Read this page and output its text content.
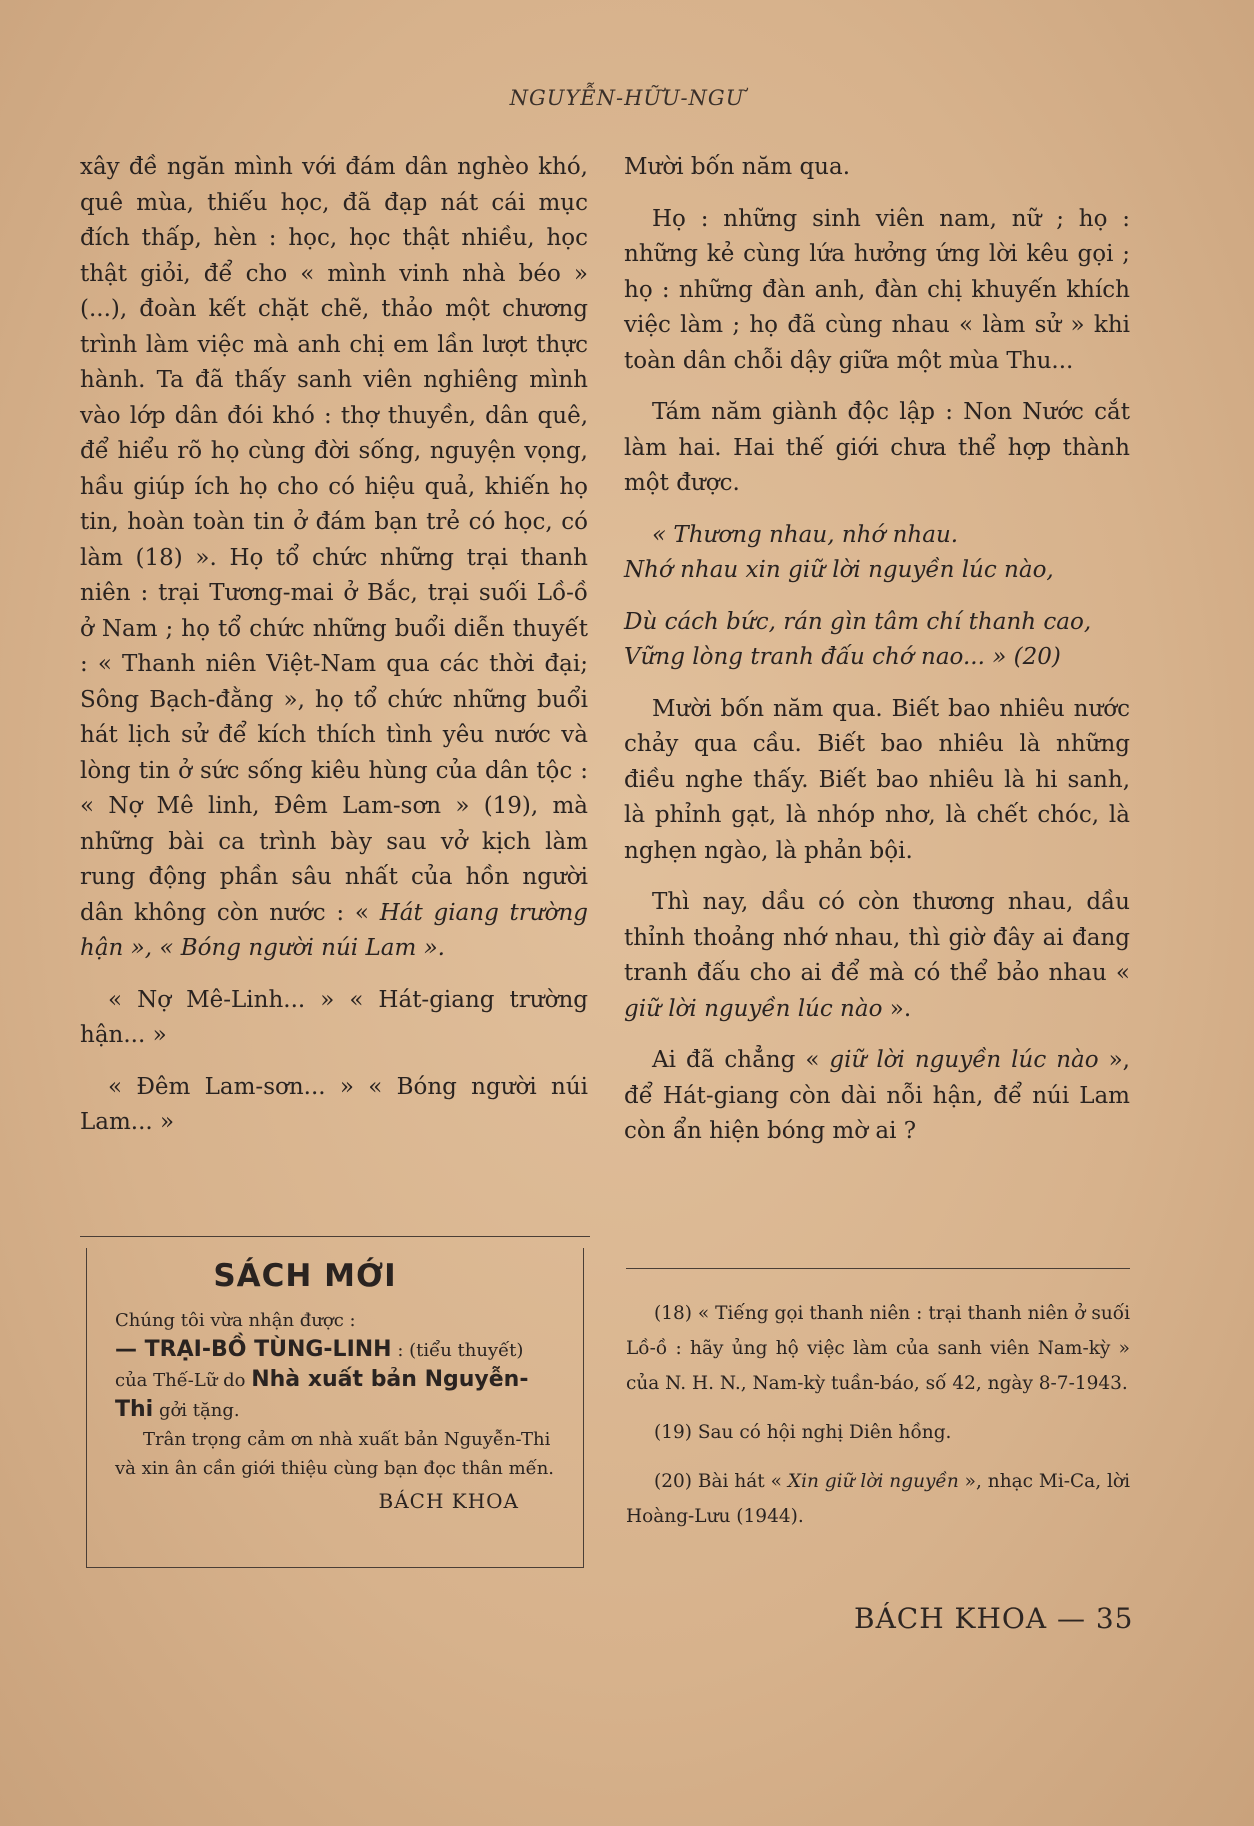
NGUYỄN-HỮU-NGƯ

xây đề ngăn mình với đám dân nghèo khó, quê mùa, thiếu học, đã đạp nát cái mục đích thấp, hèn : học, học thật nhiều, học thật giỏi, để cho « mình vinh nhà béo » (...), đoàn kết chặt chẽ, thảo một chương trình làm việc mà anh chị em lần lượt thực hành. Ta đã thấy sanh viên nghiêng mình vào lớp dân đói khó : thợ thuyền, dân quê, để hiểu rõ họ cùng đời sống, nguyện vọng, hầu giúp ích họ cho có hiệu quả, khiến họ tin, hoàn toàn tin ở đám bạn trẻ có học, có làm (18) ». Họ tổ chức những trại thanh niên : trại Tương-mai ở Bắc, trại suối Lồ-ồ ở Nam ; họ tổ chức những buổi diễn thuyết : « Thanh niên Việt-Nam qua các thời đại; Sông Bạch-đằng », họ tổ chức những buổi hát lịch sử để kích thích tình yêu nước và lòng tin ở sức sống kiêu hùng của dân tộc : « Nợ Mê linh, Đêm Lam-sơn » (19), mà những bài ca trình bày sau vở kịch làm rung động phần sâu nhất của hồn người dân không còn nước : « Hát giang trường hận », « Bóng người núi Lam ».

« Nợ Mê-Linh... » « Hát-giang trường hận... »

« Đêm Lam-sơn... » « Bóng người núi Lam... »

SÁCH MỚI

Chúng tôi vừa nhận được :

— TRẠI-BỒ TÙNG-LINH : (tiểu thuyết) của Thế-Lữ do Nhà xuất bản Nguyễn-Thi gởi tặng.

Trân trọng cảm ơn nhà xuất bản Nguyễn-Thi và xin ân cần giới thiệu cùng bạn đọc thân mến.

BÁCH KHOA

Mười bốn năm qua.

Họ : những sinh viên nam, nữ ; họ : những kẻ cùng lứa hưởng ứng lời kêu gọi ; họ : những đàn anh, đàn chị khuyến khích việc làm ; họ đã cùng nhau « làm sử » khi toàn dân chỗi dậy giữa một mùa Thu...

Tám năm giành độc lập : Non Nước cắt làm hai. Hai thế giới chưa thể hợp thành một được.

« Thương nhau, nhớ nhau.

Nhớ nhau xin giữ lời nguyền lúc nào,

Dù cách bức, rán gìn tâm chí thanh cao,

Vững lòng tranh đấu chớ nao... » (20)

Mười bốn năm qua. Biết bao nhiêu nước chảy qua cầu. Biết bao nhiêu là những điều nghe thấy. Biết bao nhiêu là hi sanh, là phỉnh gạt, là nhóp nhơ, là chết chóc, là nghẹn ngào, là phản bội.

Thì nay, dầu có còn thương nhau, dầu thỉnh thoảng nhớ nhau, thì giờ đây ai đang tranh đấu cho ai để mà có thể bảo nhau « giữ lời nguyền lúc nào ».

Ai đã chẳng « giữ lời nguyền lúc nào », để Hát-giang còn dài nỗi hận, để núi Lam còn ẩn hiện bóng mờ ai ?

(18) « Tiếng gọi thanh niên : trại thanh niên ở suối Lồ-ồ : hãy ủng hộ việc làm của sanh viên Nam-kỳ » của N. H. N., Nam-kỳ tuần-báo, số 42, ngày 8-7-1943.

(19) Sau có hội nghị Diên hồng.

(20) Bài hát « Xin giữ lời nguyền », nhạc Mi-Ca, lời Hoàng-Lưu (1944).

BÁCH KHOA — 35
